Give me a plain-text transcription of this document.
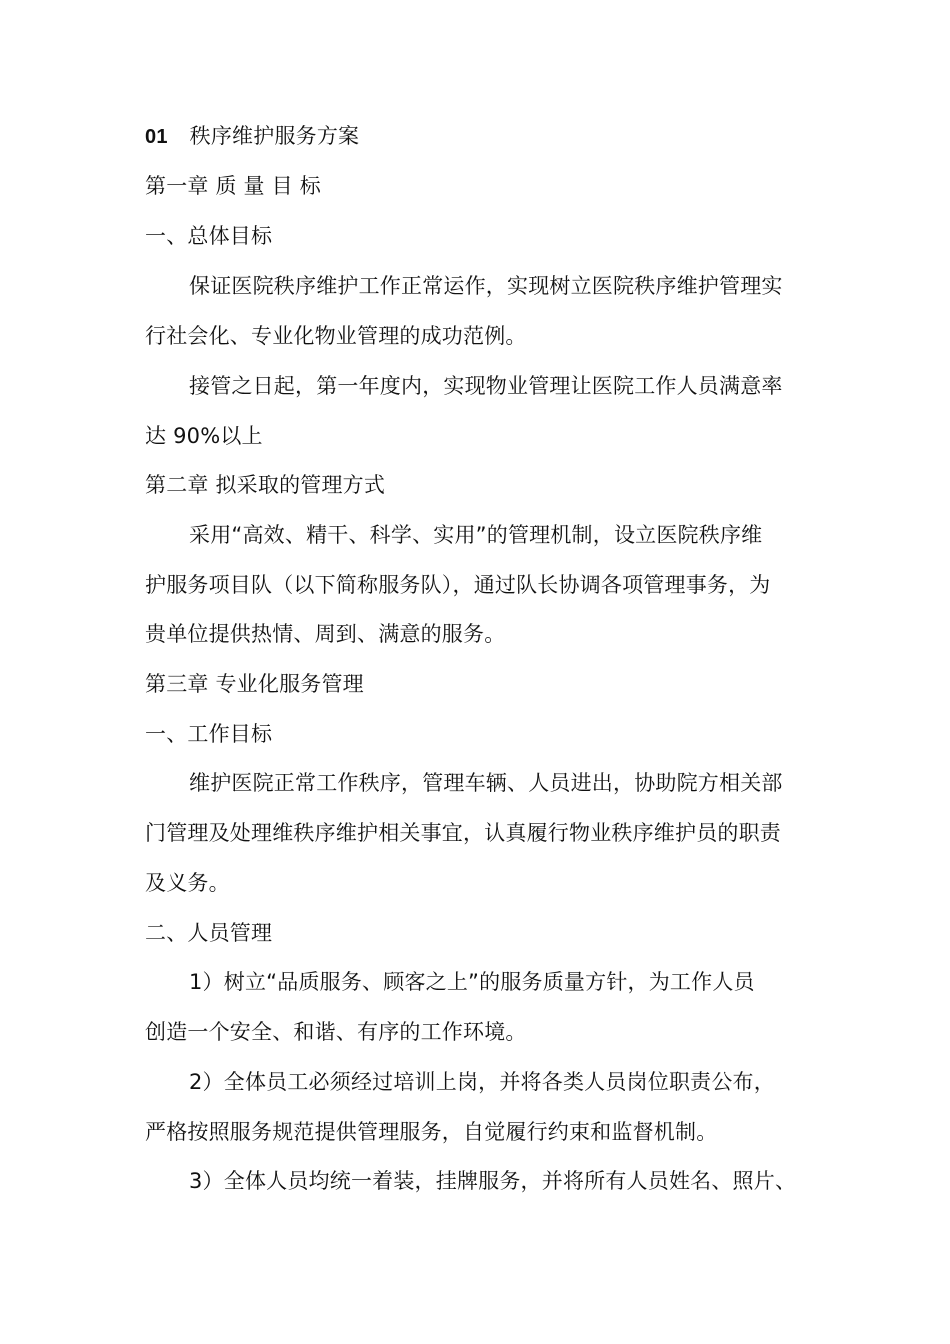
01 秩序维护服务方案
第一章 质 量 目 标
一、总体目标
保证医院秩序维护工作正常运作，实现树立医院秩序维护管理实
行社会化、专业化物业管理的成功范例。
接管之日起，第一年度内，实现物业管理让医院工作人员满意率
达 90%以上
第二章 拟采取的管理方式
采用“高效、精干、科学、实用”的管理机制，设立医院秩序维
护服务项目队（以下简称服务队），通过队长协调各项管理事务，为
贵单位提供热情、周到、满意的服务。
第三章 专业化服务管理
一、工作目标
维护医院正常工作秩序，管理车辆、人员进出，协助院方相关部
门管理及处理维秩序维护相关事宜，认真履行物业秩序维护员的职责
及义务。
二、人员管理
1）树立“品质服务、顾客之上”的服务质量方针，为工作人员
创造一个安全、和谐、有序的工作环境。
2）全体员工必须经过培训上岗，并将各类人员岗位职责公布，
严格按照服务规范提供管理服务，自觉履行约束和监督机制。
3）全体人员均统一着装，挂牌服务，并将所有人员姓名、照片、
